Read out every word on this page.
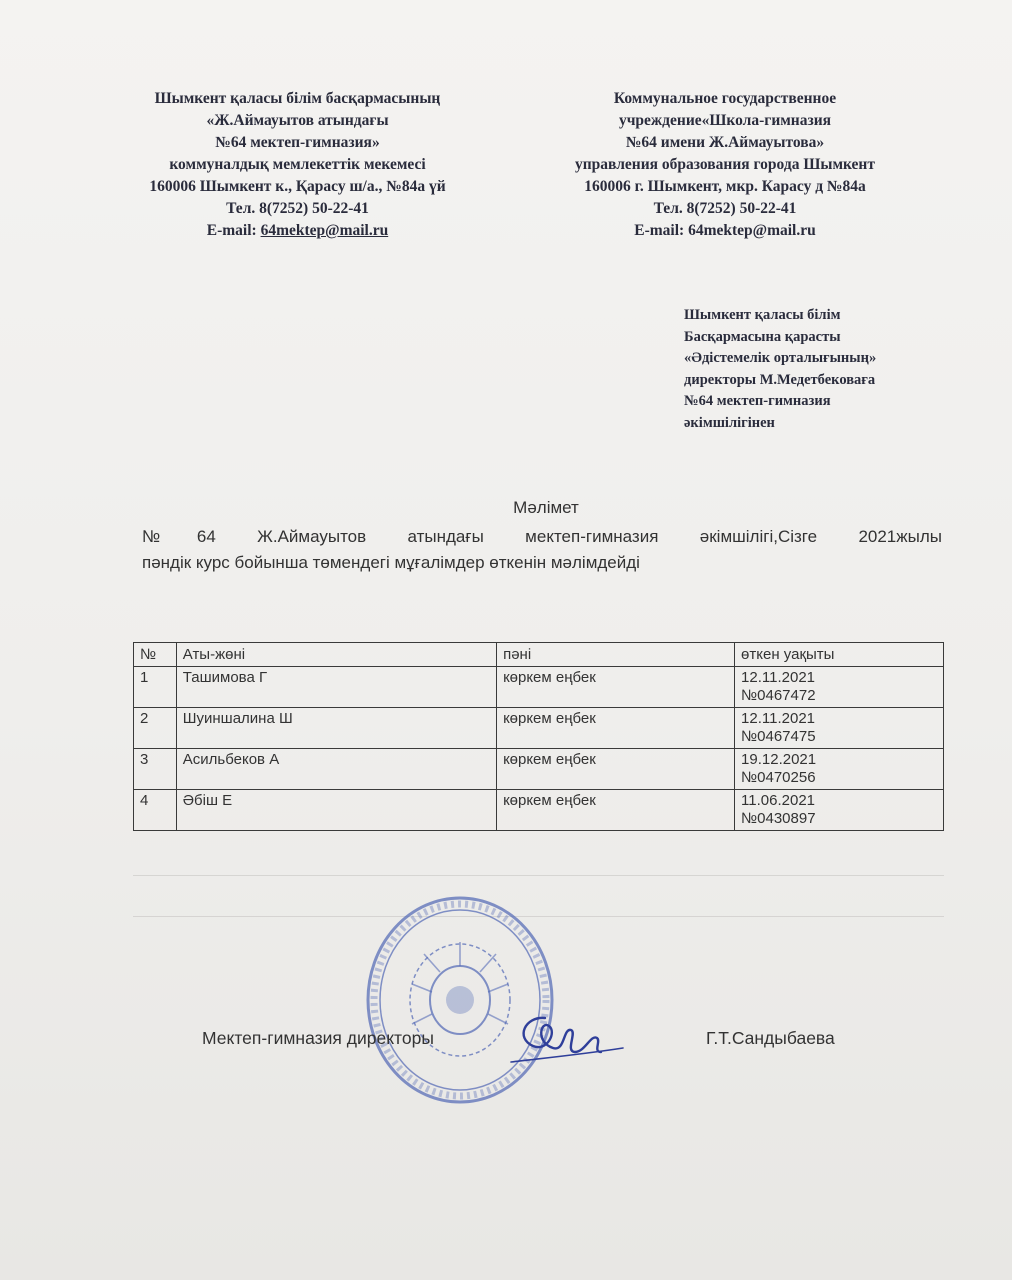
Шымкент қаласы білім басқармасының
«Ж.Аймауытов атындағы
№64 мектеп-гимназия»
коммуналдық мемлекеттік мекемесі
160006 Шымкент к., Қарасу ш/а., №84а үй
Тел. 8(7252) 50-22-41
E-mail: 64mektep@mail.ru
Коммунальное государственное
учреждение«Школа-гимназия
№64 имени Ж.Аймауытова»
управления образования города Шымкент
160006 г. Шымкент, мкр. Карасу д №84а
Тел. 8(7252) 50-22-41
E-mail: 64mektep@mail.ru
Шымкент қаласы білім
Басқармасына қарасты
«Әдістемелік орталығының»
директоры М.Медетбековаға
№64 мектеп-гимназия
әкімшілігінен
Мәлімет
№64 Ж.Аймауытов атындағы мектеп-гимназия әкімшілігі,Сізге 2021жылы
пәндік курс бойынша төмендегі мұғалімдер өткенін мәлімдейді
№	Аты-жөні	пәні	өткен уақыты
1	Ташимова Г	көркем еңбек	12.11.2021
№0467472
2	Шуиншалина Ш	көркем еңбек	12.11.2021
№0467475
3	Асильбеков А	көркем еңбек	19.12.2021
№0470256
4	Әбіш Е	көркем еңбек	11.06.2021
№0430897
Мектеп-гимназия директоры	Г.Т.Сандыбаева
